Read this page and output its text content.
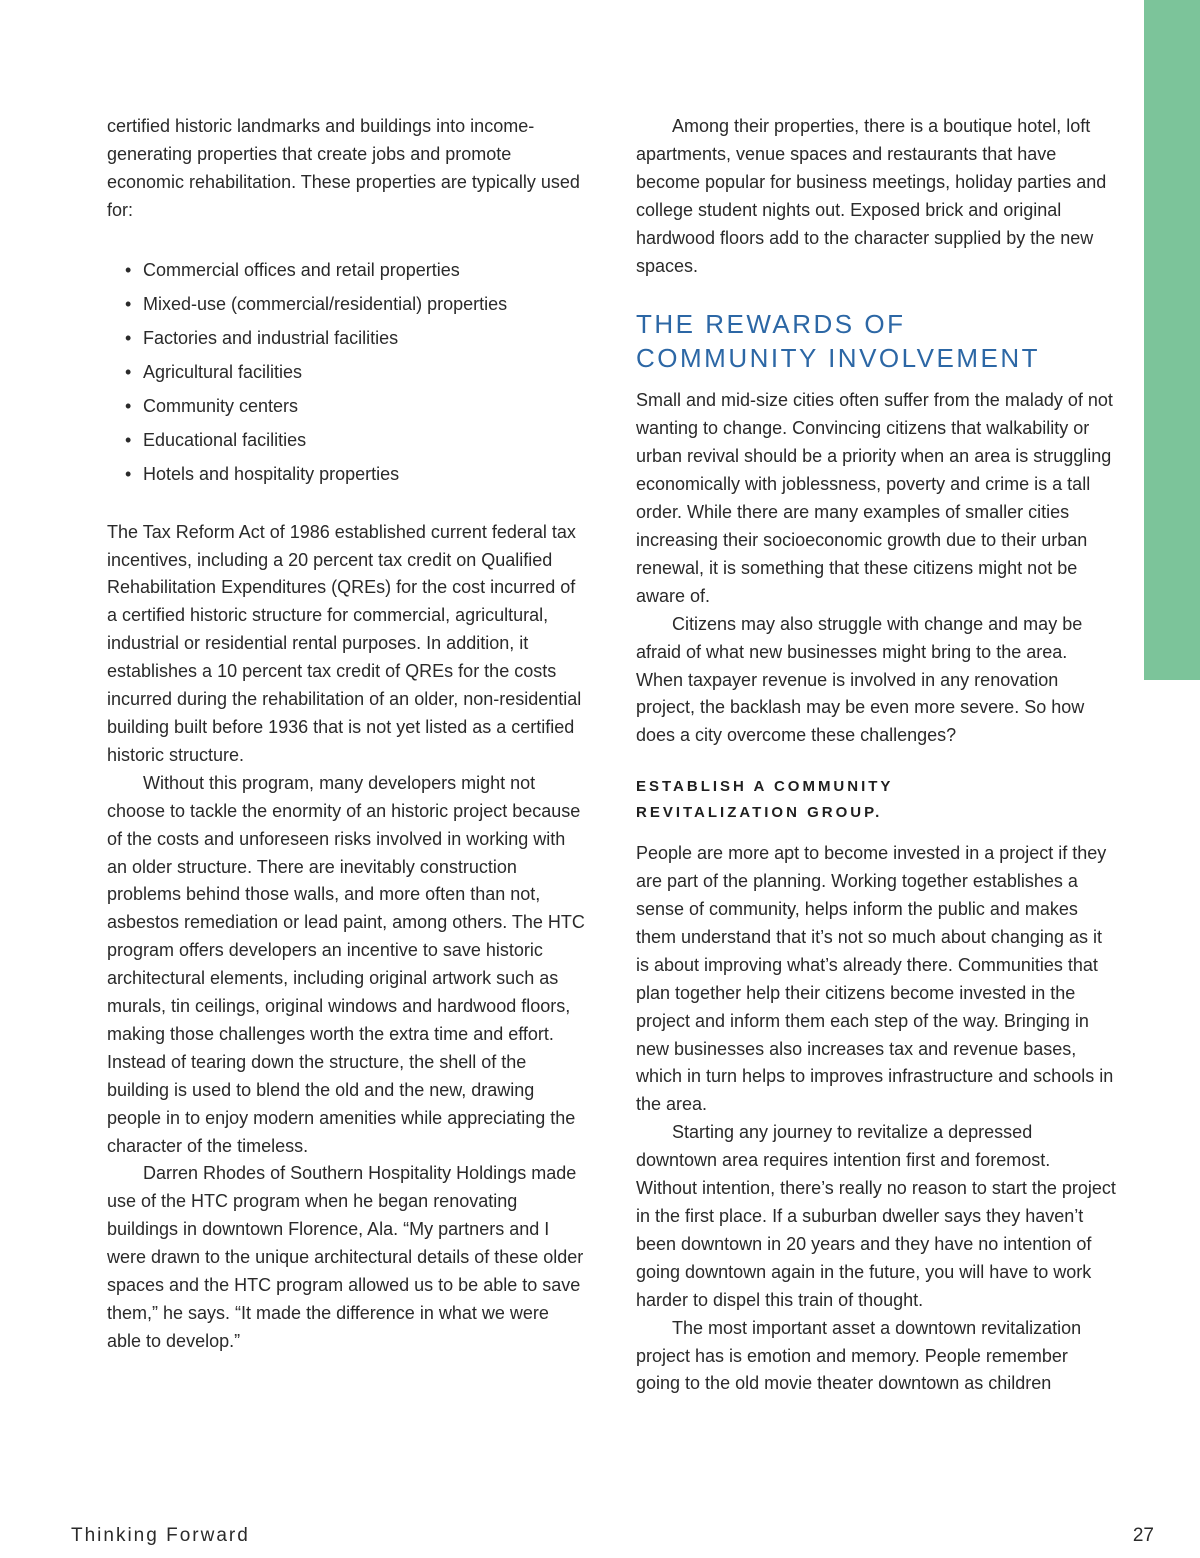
certified historic landmarks and buildings into income-generating properties that create jobs and promote economic rehabilitation. These properties are typically used for:

• Commercial offices and retail properties
• Mixed-use (commercial/residential) properties
• Factories and industrial facilities
• Agricultural facilities
• Community centers
• Educational facilities
• Hotels and hospitality properties

The Tax Reform Act of 1986 established current federal tax incentives, including a 20 percent tax credit on Qualified Rehabilitation Expenditures (QREs) for the cost incurred of a certified historic structure for commercial, agricultural, industrial or residential rental purposes. In addition, it establishes a 10 percent tax credit of QREs for the costs incurred during the rehabilitation of an older, non-residential building built before 1936 that is not yet listed as a certified historic structure.

Without this program, many developers might not choose to tackle the enormity of an historic project because of the costs and unforeseen risks involved in working with an older structure. There are inevitably construction problems behind those walls, and more often than not, asbestos remediation or lead paint, among others. The HTC program offers developers an incentive to save historic architectural elements, including original artwork such as murals, tin ceilings, original windows and hardwood floors, making those challenges worth the extra time and effort. Instead of tearing down the structure, the shell of the building is used to blend the old and the new, drawing people in to enjoy modern amenities while appreciating the character of the timeless.

Darren Rhodes of Southern Hospitality Holdings made use of the HTC program when he began renovating buildings in downtown Florence, Ala. “My partners and I were drawn to the unique architectural details of these older spaces and the HTC program allowed us to be able to save them,” he says. “It made the difference in what we were able to develop.”

Among their properties, there is a boutique hotel, loft apartments, venue spaces and restaurants that have become popular for business meetings, holiday parties and college student nights out. Exposed brick and original hardwood floors add to the character supplied by the new spaces.

THE REWARDS OF
COMMUNITY INVOLVEMENT

Small and mid-size cities often suffer from the malady of not wanting to change. Convincing citizens that walkability or urban revival should be a priority when an area is struggling economically with joblessness, poverty and crime is a tall order. While there are many examples of smaller cities increasing their socioeconomic growth due to their urban renewal, it is something that these citizens might not be aware of.

Citizens may also struggle with change and may be afraid of what new businesses might bring to the area. When taxpayer revenue is involved in any renovation project, the backlash may be even more severe. So how does a city overcome these challenges?

ESTABLISH A COMMUNITY
REVITALIZATION GROUP.

People are more apt to become invested in a project if they are part of the planning. Working together establishes a sense of community, helps inform the public and makes them understand that it’s not so much about changing as it is about improving what’s already there. Communities that plan together help their citizens become invested in the project and inform them each step of the way. Bringing in new businesses also increases tax and revenue bases, which in turn helps to improves infrastructure and schools in the area.

Starting any journey to revitalize a depressed downtown area requires intention first and foremost. Without intention, there’s really no reason to start the project in the first place. If a suburban dweller says they haven’t been downtown in 20 years and they have no intention of going downtown again in the future, you will have to work harder to dispel this train of thought.

The most important asset a downtown revitalization project has is emotion and memory. People remember going to the old movie theater downtown as children

Thinking Forward	27
